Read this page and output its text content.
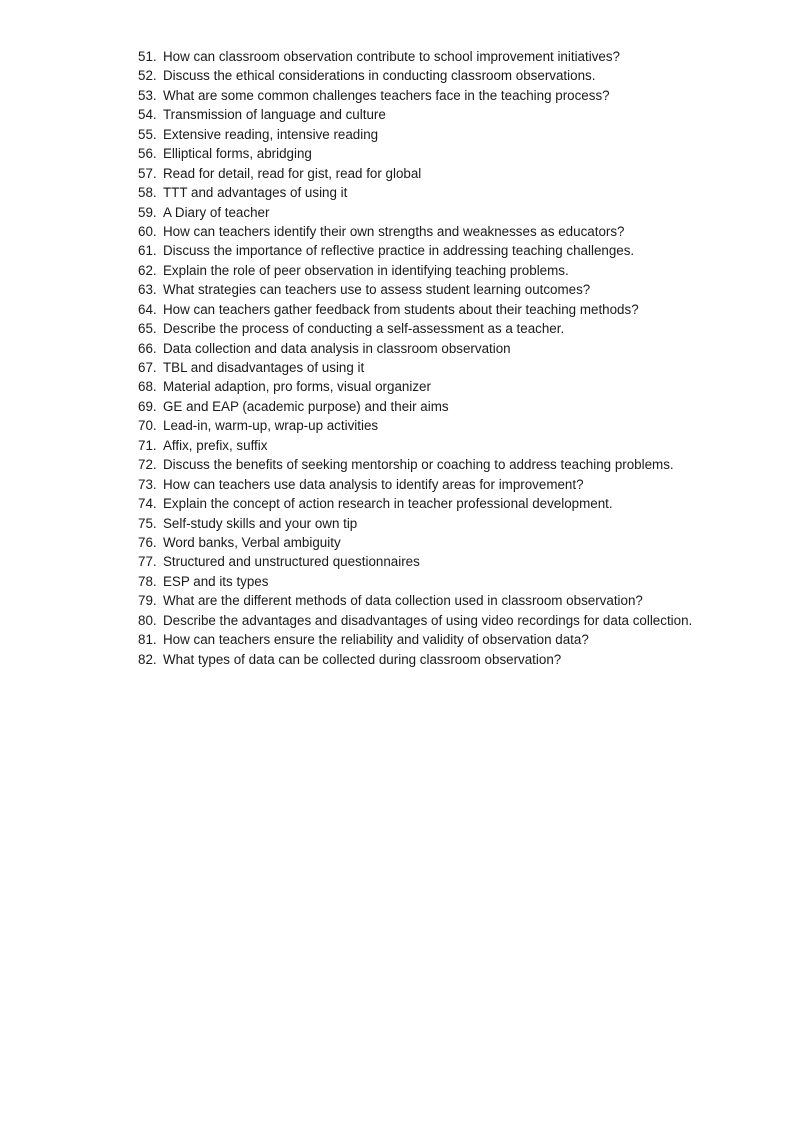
51. How can classroom observation contribute to school improvement initiatives?
52. Discuss the ethical considerations in conducting classroom observations.
53. What are some common challenges teachers face in the teaching process?
54. Transmission of language and culture
55. Extensive reading, intensive reading
56. Elliptical forms, abridging
57. Read for detail, read for gist, read for global
58. TTT and advantages of using it
59. A Diary of teacher
60. How can teachers identify their own strengths and weaknesses as educators?
61. Discuss the importance of reflective practice in addressing teaching challenges.
62. Explain the role of peer observation in identifying teaching problems.
63. What strategies can teachers use to assess student learning outcomes?
64. How can teachers gather feedback from students about their teaching methods?
65. Describe the process of conducting a self-assessment as a teacher.
66. Data collection and data analysis in classroom observation
67. TBL and disadvantages of using it
68. Material adaption, pro forms, visual organizer
69. GE and EAP (academic purpose) and their aims
70. Lead-in, warm-up, wrap-up activities
71. Affix, prefix, suffix
72. Discuss the benefits of seeking mentorship or coaching to address teaching problems.
73. How can teachers use data analysis to identify areas for improvement?
74. Explain the concept of action research in teacher professional development.
75. Self-study skills and your own tip
76. Word banks, Verbal ambiguity
77. Structured and unstructured questionnaires
78. ESP and its types
79. What are the different methods of data collection used in classroom observation?
80. Describe the advantages and disadvantages of using video recordings for data collection.
81. How can teachers ensure the reliability and validity of observation data?
82. What types of data can be collected during classroom observation?
